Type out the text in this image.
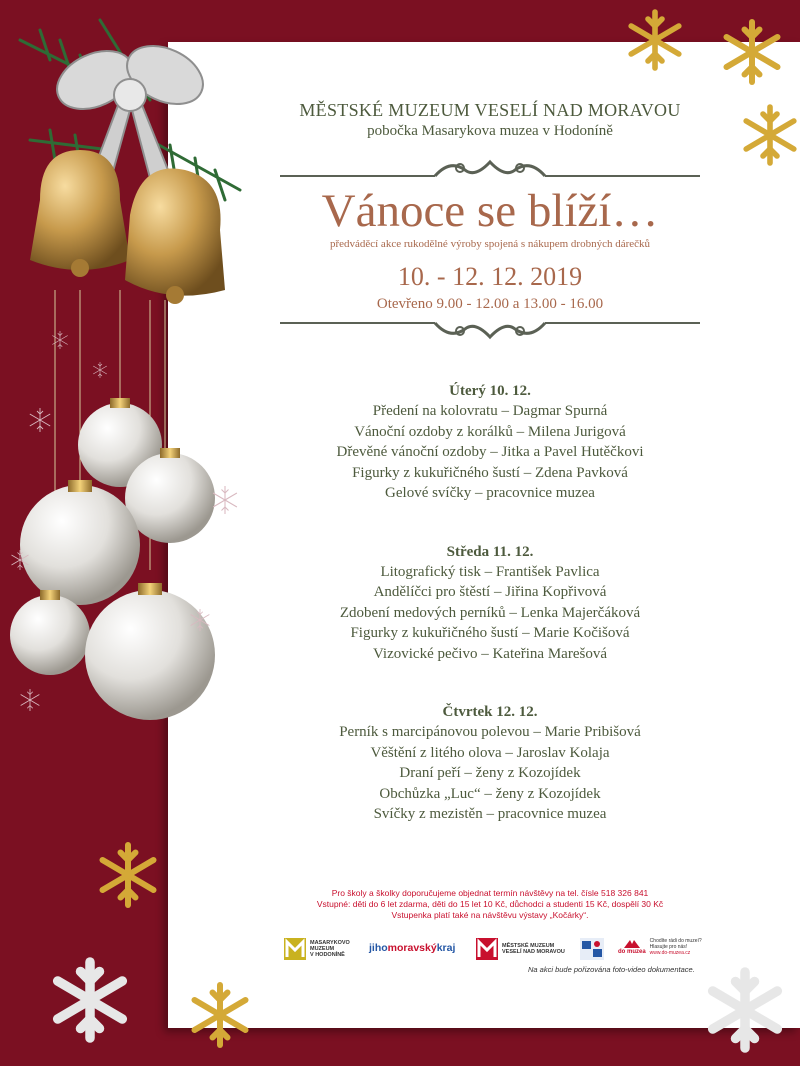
MĚSTSKÉ MUZEUM VESELÍ NAD MORAVOU

pobočka Masarykova muzea v Hodoníně

Vánoce se blíží…

předváděcí akce rukodělné výroby spojená s nákupem drobných dárečků

10. - 12. 12. 2019

Otevřeno 9.00 - 12.00 a 13.00 - 16.00

Úterý 10. 12.

Předení na kolovratu – Dagmar Spurná

Vánoční ozdoby z korálků – Milena Jurigová

Dřevěné vánoční ozdoby – Jitka a Pavel Hutěčkovi

Figurky z kukuřičného šustí – Zdena Pavková

Gelové svíčky – pracovnice muzea

Středa 11. 12.

Litografický tisk – František Pavlica

Andělíčci pro štěstí – Jiřina Kopřivová

Zdobení medových perníků – Lenka Majerčáková

Figurky z kukuřičného šustí – Marie Kočišová

Vizovické pečivo – Kateřina Marešová

Čtvrtek 12. 12.

Perník s marcipánovou polevou – Marie Pribišová

Věštění z litého olova – Jaroslav Kolaja

Draní peří – ženy z Kozojídek

Obchůzka „Luc“ – ženy z Kozojídek

Svíčky z mezistěn – pracovnice muzea

Pro školy a školky doporučujeme objednat termín návštěvy na tel. čísle 518 326 841
Vstupné: děti do 6 let zdarma, děti do 15 let 10 Kč, důchodci a studenti 15 Kč, dospělí 30 Kč
Vstupenka platí také na návštěvu výstavy „Kočárky“.
MASARYKOVO
MUZEUM
V HODONÍNĚ
jiho moravský kraj	MĚSTSKÉ MUZEUM
VESELÍ NAD MORAVOU	do muzea
Chodíte rádi do muzeí?
Hlasujte pro nás!
www.do-muzea.cz
Na akci bude pořizována foto-video dokumentace.
